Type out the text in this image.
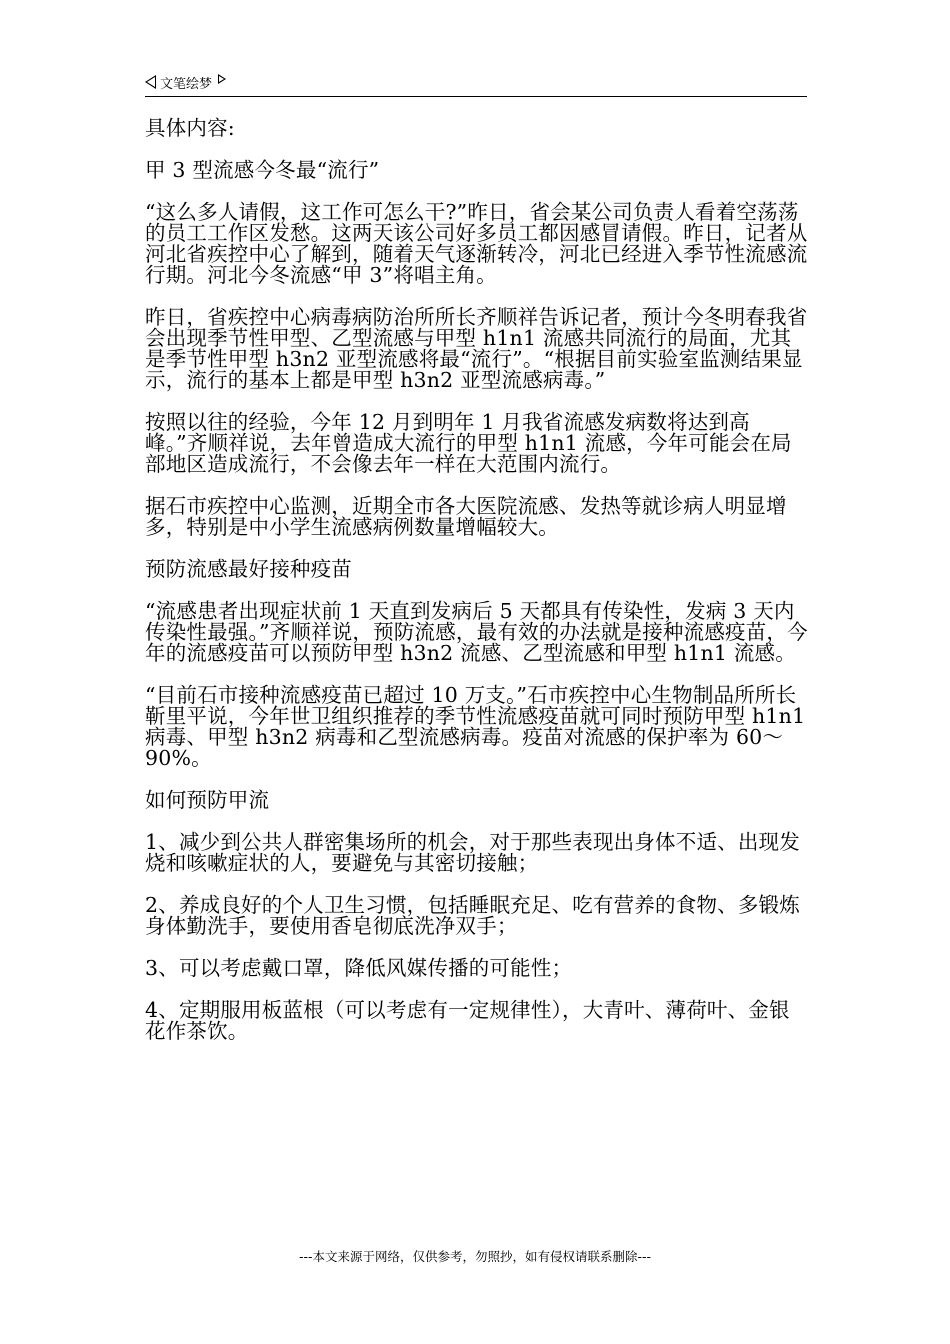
文笔绘梦

具体内容:

甲 3 型流感今冬最“流行”

“这么多人请假，这工作可怎么干?”昨日，省会某公司负责人看着空荡荡的员工工作区发愁。这两天该公司好多员工都因感冒请假。昨日，记者从河北省疾控中心了解到，随着天气逐渐转冷，河北已经进入季节性流感流行期。河北今冬流感“甲 3”将唱主角。

昨日，省疾控中心病毒病防治所所长齐顺祥告诉记者，预计今冬明春我省会出现季节性甲型、乙型流感与甲型 h1n1 流感共同流行的局面，尤其是季节性甲型 h3n2 亚型流感将最“流行”。“根据目前实验室监测结果显示，流行的基本上都是甲型 h3n2 亚型流感病毒。”

按照以往的经验，今年 12 月到明年 1 月我省流感发病数将达到高峰。”齐顺祥说，去年曾造成大流行的甲型 h1n1 流感，今年可能会在局部地区造成流行，不会像去年一样在大范围内流行。

据石市疾控中心监测，近期全市各大医院流感、发热等就诊病人明显增多，特别是中小学生流感病例数量增幅较大。

预防流感最好接种疫苗

“流感患者出现症状前 1 天直到发病后 5 天都具有传染性，发病 3 天内传染性最强。”齐顺祥说，预防流感，最有效的办法就是接种流感疫苗，今年的流感疫苗可以预防甲型 h3n2 流感、乙型流感和甲型 h1n1 流感。

“目前石市接种流感疫苗已超过 10 万支。”石市疾控中心生物制品所所长靳里平说，今年世卫组织推荐的季节性流感疫苗就可同时预防甲型 h1n1 病毒、甲型 h3n2 病毒和乙型流感病毒。疫苗对流感的保护率为 60～90%。

如何预防甲流

1、减少到公共人群密集场所的机会，对于那些表现出身体不适、出现发烧和咳嗽症状的人，要避免与其密切接触；

2、养成良好的个人卫生习惯，包括睡眠充足、吃有营养的食物、多锻炼身体勤洗手，要使用香皂彻底洗净双手；

3、可以考虑戴口罩，降低风媒传播的可能性；

4、定期服用板蓝根（可以考虑有一定规律性），大青叶、薄荷叶、金银花作茶饮。

---本文来源于网络，仅供参考，勿照抄，如有侵权请联系删除---
